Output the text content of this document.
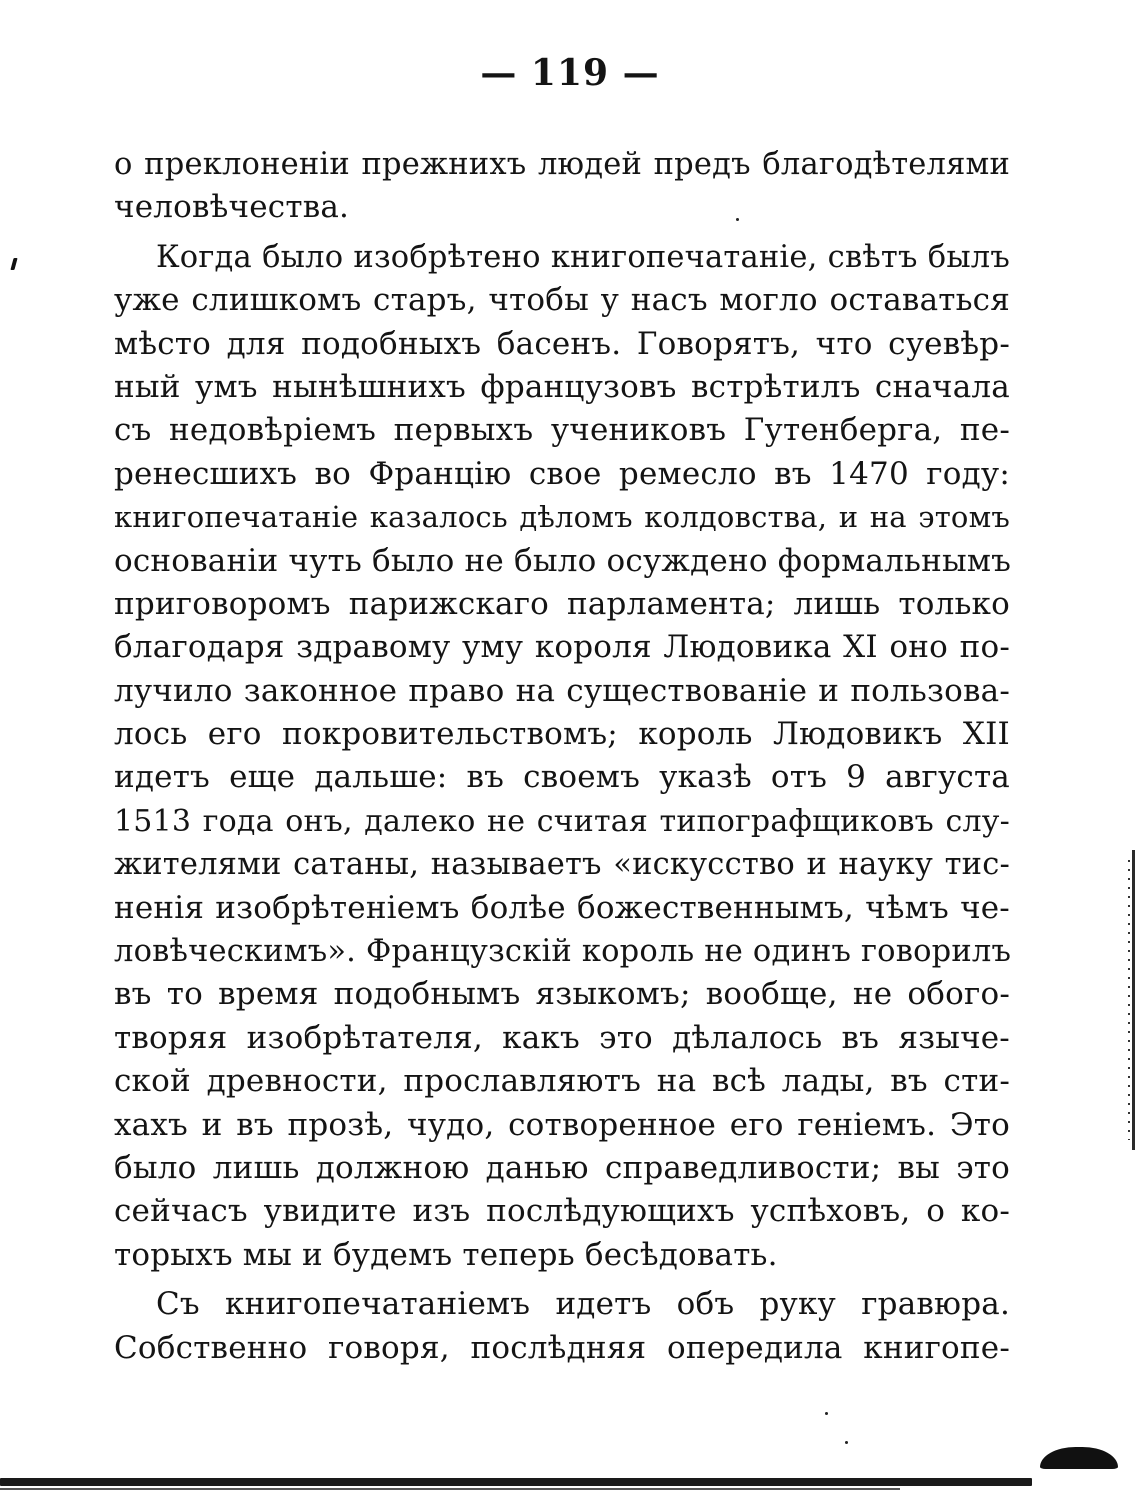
— 119 —
о преклоненіи прежнихъ людей предъ благодѣтелями
человѣчества.
Когда было изобрѣтено книгопечатаніе, свѣтъ былъ
уже слишкомъ старъ, чтобы у насъ могло оставаться
мѣсто для подобныхъ басенъ. Говорятъ, что суевѣр-
ный умъ нынѣшнихъ французовъ встрѣтилъ сначала
съ недовѣріемъ первыхъ учениковъ Гутенберга, пе-
ренесшихъ во Францію свое ремесло въ 1470 году:
книгопечатаніе казалось дѣломъ колдовства, и на этомъ
основаніи чуть было не было осуждено формальнымъ
приговоромъ парижскаго парламента; лишь только
благодаря здравому уму короля Людовика XI оно по-
лучило законное право на существованіе и пользова-
лось его покровительствомъ; король Людовикъ XII
идетъ еще дальше: въ своемъ указѣ отъ 9 августа
1513 года онъ, далеко не считая типографщиковъ слу-
жителями сатаны, называетъ «искусство и науку тис-
ненія изобрѣтеніемъ болѣе божественнымъ, чѣмъ че-
ловѣческимъ». Французскій король не одинъ говорилъ
въ то время подобнымъ языкомъ; вообще, не обого-
творяя изобрѣтателя, какъ это дѣлалось въ языче-
ской древности, прославляютъ на всѣ лады, въ сти-
хахъ и въ прозѣ, чудо, сотворенное его геніемъ. Это
было лишь должною данью справедливости; вы это
сейчасъ увидите изъ послѣдующихъ успѣховъ, о ко-
торыхъ мы и будемъ теперь бесѣдовать.
Съ книгопечатаніемъ идетъ объ руку гравюра.
Собственно говоря, послѣдняя опередила книгопе-
